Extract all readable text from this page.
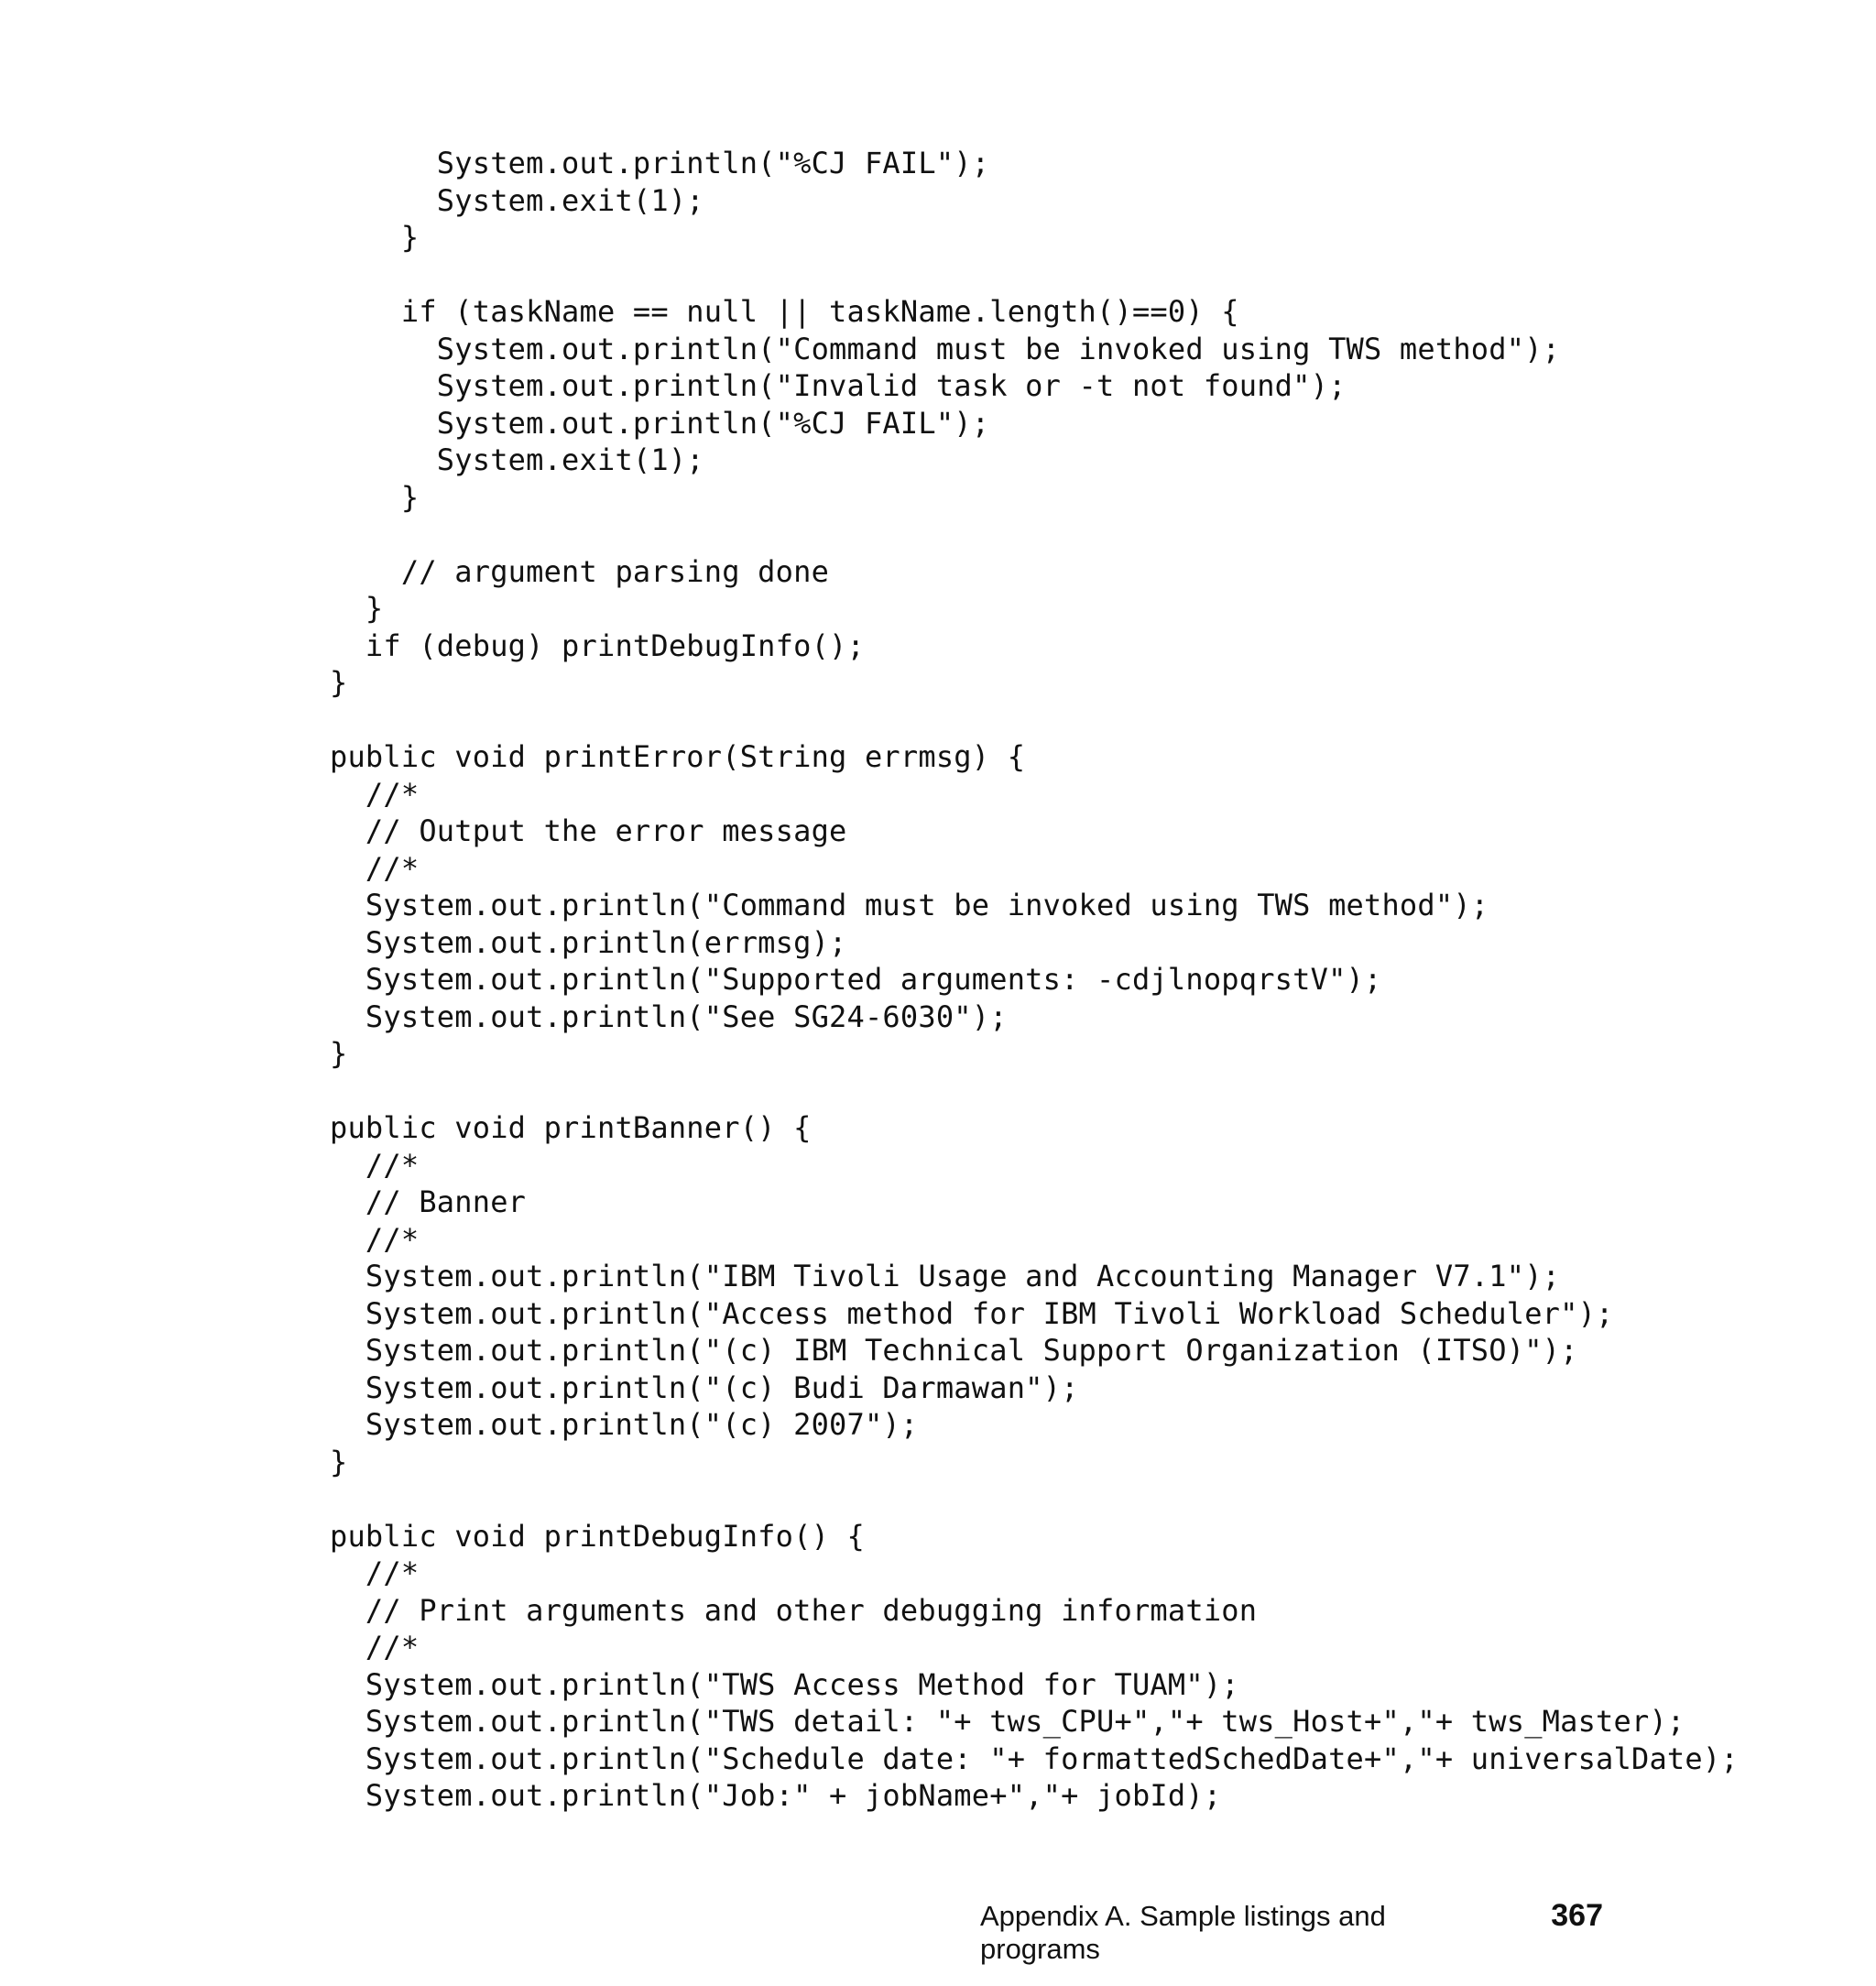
System.out.println("%CJ FAIL");
System.exit(1);
}
if (taskName == null || taskName.length()==0) {
System.out.println("Command must be invoked using TWS method");
System.out.println("Invalid task or -t not found");
System.out.println("%CJ FAIL");
System.exit(1);
}
// argument parsing done
}
if (debug) printDebugInfo();
}
public void printError(String errmsg) {
//*
// Output the error message
//*
System.out.println("Command must be invoked using TWS method");
System.out.println(errmsg);
System.out.println("Supported arguments: -cdjlnopqrstV");
System.out.println("See SG24-6030");
}
public void printBanner() {
//*
// Banner
//*
System.out.println("IBM Tivoli Usage and Accounting Manager V7.1");
System.out.println("Access method for IBM Tivoli Workload Scheduler");
System.out.println("(c) IBM Technical Support Organization (ITSO)");
System.out.println("(c) Budi Darmawan");
System.out.println("(c) 2007");
}
public void printDebugInfo() {
//*
// Print arguments and other debugging information
//*
System.out.println("TWS Access Method for TUAM");
System.out.println("TWS detail: "+ tws_CPU+","+ tws_Host+","+ tws_Master);
System.out.println("Schedule date: "+ formattedSchedDate+","+ universalDate);
System.out.println("Job:" + jobName+","+ jobId);
Appendix A. Sample listings and programs
367
